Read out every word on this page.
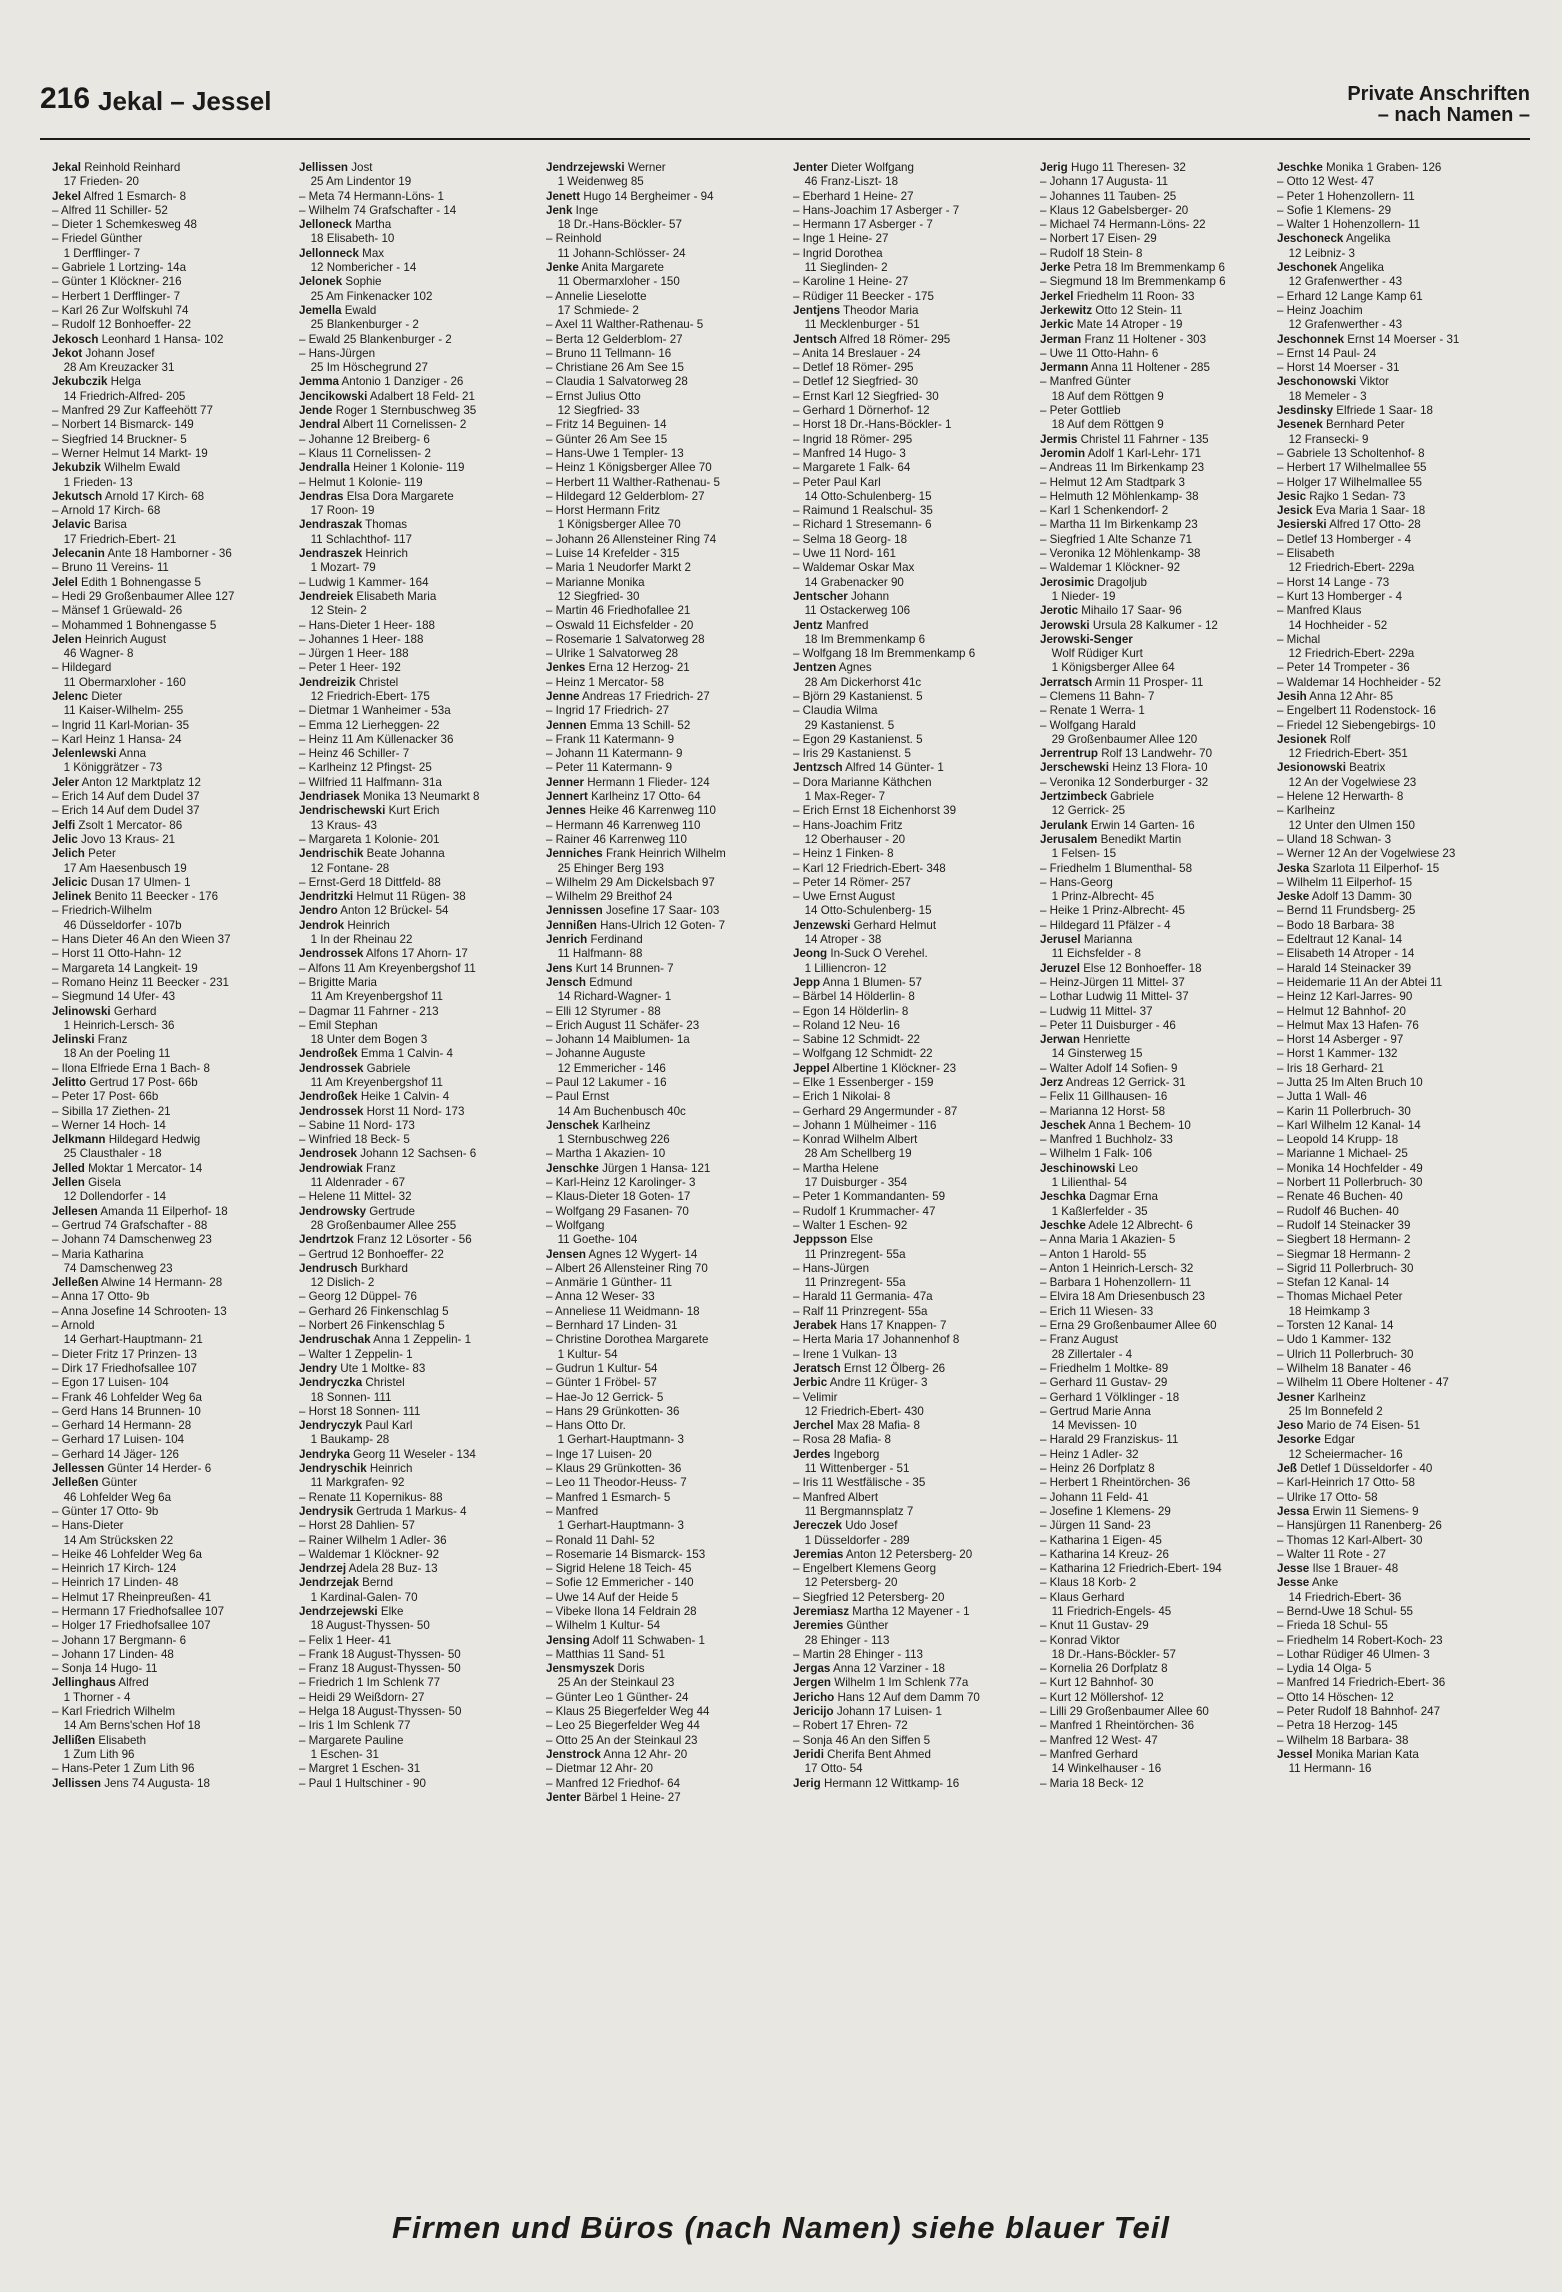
216 Jekal – Jessel	Private Anschriften
– nach Namen –
Jekal Reinhold Reinhard
 17 Frieden- 20
Jekel Alfred 1 Esmarch- 8
– Alfred 11 Schiller- 52
– Dieter 1 Schemkesweg 48
– Friedel Günther
 1 Derfflinger- 7
– Gabriele 1 Lortzing- 14a
– Günter 1 Klöckner- 216
– Herbert 1 Derfflinger- 7
– Karl 26 Zur Wolfskuhl 74
– Rudolf 12 Bonhoeffer- 22
Jekosch Leonhard 1 Hansa- 102
Jekot Johann Josef
 28 Am Kreuzacker 31
Jekubczik Helga
 14 Friedrich-Alfred- 205
– Manfred 29 Zur Kaffeehött 77
– Norbert 14 Bismarck- 149
– Siegfried 14 Bruckner- 5
– Werner Helmut 14 Markt- 19
Jekubzik Wilhelm Ewald
 1 Frieden- 13
Jekutsch Arnold 17 Kirch- 68
– Arnold 17 Kirch- 68
Jelavic Barisa
 17 Friedrich-Ebert- 21
Jelecanin Ante 18 Hamborner - 36
– Bruno 11 Vereins- 11
Jelel Edith 1 Bohnengasse 5
– Hedi 29 Großenbaumer Allee 127
– Mänsef 1 Grüewald- 26
– Mohammed 1 Bohnengasse 5
Jelen Heinrich August
 46 Wagner- 8
– Hildegard
 11 Obermarxloher - 160
Jelenc Dieter
 11 Kaiser-Wilhelm- 255
– Ingrid 11 Karl-Morian- 35
– Karl Heinz 1 Hansa- 24
Jelenlewski Anna
 1 Königgrätzer - 73
Jeler Anton 12 Marktplatz 12
– Erich 14 Auf dem Dudel 37
– Erich 14 Auf dem Dudel 37
Jelfi Zsolt 1 Mercator- 86
Jelic Jovo 13 Kraus- 21
Jelich Peter
 17 Am Haesenbusch 19
Jelicic Dusan 17 Ulmen- 1
Jelinek Benito 11 Beecker - 176
– Friedrich-Wilhelm
 46 Düsseldorfer - 107b
– Hans Dieter 46 An den Wieen 37
– Horst 11 Otto-Hahn- 12
– Margareta 14 Langkeit- 19
– Romano Heinz 11 Beecker - 231
– Siegmund 14 Ufer- 43
Jelinowski Gerhard
 1 Heinrich-Lersch- 36
Jelinski Franz
 18 An der Poeling 11
– Ilona Elfriede Erna 1 Bach- 8
Jelitto Gertrud 17 Post- 66b
– Peter 17 Post- 66b
– Sibilla 17 Ziethen- 21
– Werner 14 Hoch- 14
Jelkmann Hildegard Hedwig
 25 Clausthaler - 18
Jelled Moktar 1 Mercator- 14
Jellen Gisela
 12 Dollendorfer - 14
Jellesen Amanda 11 Eilperhof- 18
– Gertrud 74 Grafschafter - 88
– Johann 74 Damschenweg 23
– Maria Katharina
 74 Damschenweg 23
Jelleßen Alwine 14 Hermann- 28
– Anna 17 Otto- 9b
– Anna Josefine 14 Schrooten- 13
– Arnold
 14 Gerhart-Hauptmann- 21
– Dieter Fritz 17 Prinzen- 13
– Dirk 17 Friedhofsallee 107
– Egon 17 Luisen- 104
– Frank 46 Lohfelder Weg 6a
– Gerd Hans 14 Brunnen- 10
– Gerhard 14 Hermann- 28
– Gerhard 17 Luisen- 104
– Gerhard 14 Jäger- 126
Jellessen Günter 14 Herder- 6
Jelleßen Günter
 46 Lohfelder Weg 6a
– Günter 17 Otto- 9b
– Hans-Dieter
 14 Am Strücksken 22
– Heike 46 Lohfelder Weg 6a
– Heinrich 17 Kirch- 124
– Heinrich 17 Linden- 48
– Helmut 17 Rheinpreußen- 41
– Hermann 17 Friedhofsallee 107
– Holger 17 Friedhofsallee 107
– Johann 17 Bergmann- 6
– Johann 17 Linden- 48
– Sonja 14 Hugo- 11
Jellinghaus Alfred
 1 Thorner - 4
– Karl Friedrich Wilhelm
 14 Am Berns'schen Hof 18
Jellißen Elisabeth
 1 Zum Lith 96
– Hans-Peter 1 Zum Lith 96
Jellissen Jens 74 Augusta- 18
Jellissen Jost
 25 Am Lindentor 19
– Meta 74 Hermann-Löns- 1
– Wilhelm 74 Grafschafter - 14
Jelloneck Martha
 18 Elisabeth- 10
Jellonneck Max
 12 Nombericher - 14
Jelonek Sophie
 25 Am Finkenacker 102
Jemella Ewald
 25 Blankenburger - 2
– Ewald 25 Blankenburger - 2
– Hans-Jürgen
 25 Im Höschegrund 27
Jemma Antonio 1 Danziger - 26
Jencikowski Adalbert 18 Feld- 21
Jende Roger 1 Sternbuschweg 35
Jendral Albert 11 Cornelissen- 2
– Johanne 12 Breiberg- 6
– Klaus 11 Cornelissen- 2
Jendralla Heiner 1 Kolonie- 119
– Helmut 1 Kolonie- 119
Jendras Elsa Dora Margarete
 17 Roon- 19
Jendraszak Thomas
 11 Schlachthof- 117
Jendraszek Heinrich
 1 Mozart- 79
– Ludwig 1 Kammer- 164
Jendreiek Elisabeth Maria
 12 Stein- 2
– Hans-Dieter 1 Heer- 188
– Johannes 1 Heer- 188
– Jürgen 1 Heer- 188
– Peter 1 Heer- 192
Jendreizik Christel
 12 Friedrich-Ebert- 175
– Dietmar 1 Wanheimer - 53a
– Emma 12 Lierheggen- 22
– Heinz 11 Am Küllenacker 36
– Heinz 46 Schiller- 7
– Karlheinz 12 Pfingst- 25
– Wilfried 11 Halfmann- 31a
Jendriasek Monika 13 Neumarkt 8
Jendrischewski Kurt Erich
 13 Kraus- 43
– Margareta 1 Kolonie- 201
Jendrischik Beate Johanna
 12 Fontane- 28
– Ernst-Gerd 18 Dittfeld- 88
Jendritzki Helmut 11 Rügen- 38
Jendro Anton 12 Brückel- 54
Jendrok Heinrich
 1 In der Rheinau 22
Jendrossek Alfons 17 Ahorn- 17
– Alfons 11 Am Kreyenbergshof 11
– Brigitte Maria
 11 Am Kreyenbergshof 11
– Dagmar 11 Fahrner - 213
– Emil Stephan
 18 Unter dem Bogen 3
Jendroßek Emma 1 Calvin- 4
Jendrossek Gabriele
 11 Am Kreyenbergshof 11
Jendroßek Heike 1 Calvin- 4
Jendrossek Horst 11 Nord- 173
– Sabine 11 Nord- 173
– Winfried 18 Beck- 5
Jendrosek Johann 12 Sachsen- 6
Jendrowiak Franz
 11 Aldenrader - 67
– Helene 11 Mittel- 32
Jendrowsky Gertrude
 28 Großenbaumer Allee 255
Jendrtzok Franz 12 Lösorter - 56
– Gertrud 12 Bonhoeffer- 22
Jendrusch Burkhard
 12 Dislich- 2
– Georg 12 Düppel- 76
– Gerhard 26 Finkenschlag 5
– Norbert 26 Finkenschlag 5
Jendruschak Anna 1 Zeppelin- 1
– Walter 1 Zeppelin- 1
Jendry Ute 1 Moltke- 83
Jendryczka Christel
 18 Sonnen- 111
– Horst 18 Sonnen- 111
Jendryczyk Paul Karl
 1 Baukamp- 28
Jendryka Georg 11 Weseler - 134
Jendryschik Heinrich
 11 Markgrafen- 92
– Renate 11 Kopernikus- 88
Jendrysik Gertruda 1 Markus- 4
– Horst 28 Dahlien- 57
– Rainer Wilhelm 1 Adler- 36
– Waldemar 1 Klöckner- 92
Jendrzej Adela 28 Buz- 13
Jendrzejak Bernd
 1 Kardinal-Galen- 70
Jendrzejewski Elke
 18 August-Thyssen- 50
– Felix 1 Heer- 41
– Frank 18 August-Thyssen- 50
– Franz 18 August-Thyssen- 50
– Friedrich 1 Im Schlenk 77
– Heidi 29 Weißdorn- 27
– Helga 18 August-Thyssen- 50
– Iris 1 Im Schlenk 77
– Margarete Pauline
 1 Eschen- 31
– Margret 1 Eschen- 31
– Paul 1 Hultschiner - 90
Jendrzejewski Werner
 1 Weidenweg 85
Jenett Hugo 14 Bergheimer - 94
Jenk Inge
 18 Dr.-Hans-Böckler- 57
– Reinhold
 11 Johann-Schlösser- 24
Jenke Anita Margarete
 11 Obermarxloher - 150
– Annelie Lieselotte
 17 Schmiede- 2
– Axel 11 Walther-Rathenau- 5
– Berta 12 Gelderblom- 27
– Bruno 11 Tellmann- 16
– Christiane 26 Am See 15
– Claudia 1 Salvatorweg 28
– Ernst Julius Otto
 12 Siegfried- 33
– Fritz 14 Beguinen- 14
– Günter 26 Am See 15
– Hans-Uwe 1 Templer- 13
– Heinz 1 Königsberger Allee 70
– Herbert 11 Walther-Rathenau- 5
– Hildegard 12 Gelderblom- 27
– Horst Hermann Fritz
 1 Königsberger Allee 70
– Johann 26 Allensteiner Ring 74
– Luise 14 Krefelder - 315
– Maria 1 Neudorfer Markt 2
– Marianne Monika
 12 Siegfried- 30
– Martin 46 Friedhofallee 21
– Oswald 11 Eichsfelder - 20
– Rosemarie 1 Salvatorweg 28
– Ulrike 1 Salvatorweg 28
Jenkes Erna 12 Herzog- 21
– Heinz 1 Mercator- 58
Jenne Andreas 17 Friedrich- 27
– Ingrid 17 Friedrich- 27
Jennen Emma 13 Schill- 52
– Frank 11 Katermann- 9
– Johann 11 Katermann- 9
– Peter 11 Katermann- 9
Jenner Hermann 1 Flieder- 124
Jennert Karlheinz 17 Otto- 64
Jennes Heike 46 Karrenweg 110
– Hermann 46 Karrenweg 110
– Rainer 46 Karrenweg 110
Jenniches Frank Heinrich Wilhelm
 25 Ehinger Berg 193
– Wilhelm 29 Am Dickelsbach 97
– Wilhelm 29 Breithof 24
Jennissen Josefine 17 Saar- 103
Jennißen Hans-Ulrich 12 Goten- 7
Jenrich Ferdinand
 11 Halfmann- 88
Jens Kurt 14 Brunnen- 7
Jensch Edmund
 14 Richard-Wagner- 1
– Elli 12 Styrumer - 88
– Erich August 11 Schäfer- 23
– Johann 14 Maiblumen- 1a
– Johanne Auguste
 12 Emmericher - 146
– Paul 12 Lakumer - 16
– Paul Ernst
 14 Am Buchenbusch 40c
Jenschek Karlheinz
 1 Sternbuschweg 226
– Martha 1 Akazien- 10
Jenschke Jürgen 1 Hansa- 121
– Karl-Heinz 12 Karolinger- 3
– Klaus-Dieter 18 Goten- 17
– Wolfgang 29 Fasanen- 70
– Wolfgang
 11 Goethe- 104
Jensen Agnes 12 Wygert- 14
– Albert 26 Allensteiner Ring 70
– Anmärie 1 Günther- 11
– Anna 12 Weser- 33
– Anneliese 11 Weidmann- 18
– Bernhard 17 Linden- 31
– Christine Dorothea Margarete
 1 Kultur- 54
– Gudrun 1 Kultur- 54
– Günter 1 Fröbel- 57
– Hae-Jo 12 Gerrick- 5
– Hans 29 Grünkotten- 36
– Hans Otto Dr.
 1 Gerhart-Hauptmann- 3
– Inge 17 Luisen- 20
– Klaus 29 Grünkotten- 36
– Leo 11 Theodor-Heuss- 7
– Manfred 1 Esmarch- 5
– Manfred
 1 Gerhart-Hauptmann- 3
– Ronald 11 Dahl- 52
– Rosemarie 14 Bismarck- 153
– Sigrid Helene 18 Teich- 45
– Sofie 12 Emmericher - 140
– Uwe 14 Auf der Heide 5
– Vibeke Ilona 14 Feldrain 28
– Wilhelm 1 Kultur- 54
Jensing Adolf 11 Schwaben- 1
– Matthias 11 Sand- 51
Jensmyszek Doris
 25 An der Steinkaul 23
– Günter Leo 1 Günther- 24
– Klaus 25 Biegerfelder Weg 44
– Leo 25 Biegerfelder Weg 44
– Otto 25 An der Steinkaul 23
Jenstrock Anna 12 Ahr- 20
– Dietmar 12 Ahr- 20
– Manfred 12 Friedhof- 64
Jenter Bärbel 1 Heine- 27
Jenter Dieter Wolfgang
 46 Franz-Liszt- 18
– Eberhard 1 Heine- 27
– Hans-Joachim 17 Asberger - 7
– Hermann 17 Asberger - 7
– Inge 1 Heine- 27
– Ingrid Dorothea
 11 Sieglinden- 2
– Karoline 1 Heine- 27
– Rüdiger 11 Beecker - 175
Jentjens Theodor Maria
 11 Mecklenburger - 51
Jentsch Alfred 18 Römer- 295
– Anita 14 Breslauer - 24
– Detlef 18 Römer- 295
– Detlef 12 Siegfried- 30
– Ernst Karl 12 Siegfried- 30
– Gerhard 1 Dörnerhof- 12
– Horst 18 Dr.-Hans-Böckler- 1
– Ingrid 18 Römer- 295
– Manfred 14 Hugo- 3
– Margarete 1 Falk- 64
– Peter Paul Karl
 14 Otto-Schulenberg- 15
– Raimund 1 Realschul- 35
– Richard 1 Stresemann- 6
– Selma 18 Georg- 18
– Uwe 11 Nord- 161
– Waldemar Oskar Max
 14 Grabenacker 90
Jentscher Johann
 11 Ostackerweg 106
Jentz Manfred
 18 Im Bremmenkamp 6
– Wolfgang 18 Im Bremmenkamp 6
Jentzen Agnes
 28 Am Dickerhorst 41c
– Björn 29 Kastanienst. 5
– Claudia Wilma
 29 Kastanienst. 5
– Egon 29 Kastanienst. 5
– Iris 29 Kastanienst. 5
Jentzsch Alfred 14 Günter- 1
– Dora Marianne Käthchen
 1 Max-Reger- 7
– Erich Ernst 18 Eichenhorst 39
– Hans-Joachim Fritz
 12 Oberhauser - 20
– Heinz 1 Finken- 8
– Karl 12 Friedrich-Ebert- 348
– Peter 14 Römer- 257
– Uwe Ernst August
 14 Otto-Schulenberg- 15
Jenzewski Gerhard Helmut
 14 Atroper - 38
Jeong In-Suck O Verehel.
 1 Lilliencron- 12
Jepp Anna 1 Blumen- 57
– Bärbel 14 Hölderlin- 8
– Egon 14 Hölderlin- 8
– Roland 12 Neu- 16
– Sabine 12 Schmidt- 22
– Wolfgang 12 Schmidt- 22
Jeppel Albertine 1 Klöckner- 23
– Elke 1 Essenberger - 159
– Erich 1 Nikolai- 8
– Gerhard 29 Angermunder - 87
– Johann 1 Mülheimer - 116
– Konrad Wilhelm Albert
 28 Am Schellberg 19
– Martha Helene
 17 Duisburger - 354
– Peter 1 Kommandanten- 59
– Rudolf 1 Krummacher- 47
– Walter 1 Eschen- 92
Jeppsson Else
 11 Prinzregent- 55a
– Hans-Jürgen
 11 Prinzregent- 55a
– Harald 11 Germania- 47a
– Ralf 11 Prinzregent- 55a
Jerabek Hans 17 Knappen- 7
– Herta Maria 17 Johannenhof 8
– Irene 1 Vulkan- 13
Jeratsch Ernst 12 Ölberg- 26
Jerbic Andre 11 Krüger- 3
– Velimir
 12 Friedrich-Ebert- 430
Jerchel Max 28 Mafia- 8
– Rosa 28 Mafia- 8
Jerdes Ingeborg
 11 Wittenberger - 51
– Iris 11 Westfälische - 35
– Manfred Albert
 11 Bergmannsplatz 7
Jereczek Udo Josef
 1 Düsseldorfer - 289
Jeremias Anton 12 Petersberg- 20
– Engelbert Klemens Georg
 12 Petersberg- 20
– Siegfried 12 Petersberg- 20
Jeremiasz Martha 12 Mayener - 1
Jeremies Günther
 28 Ehinger - 113
– Martin 28 Ehinger - 113
Jergas Anna 12 Varziner - 18
Jergen Wilhelm 1 Im Schlenk 77a
Jericho Hans 12 Auf dem Damm 70
Jericijo Johann 17 Luisen- 1
– Robert 17 Ehren- 72
– Sonja 46 An den Siffen 5
Jeridi Cherifa Bent Ahmed
 17 Otto- 54
Jerig Hermann 12 Wittkamp- 16
Jerig Hugo 11 Theresen- 32
– Johann 17 Augusta- 11
– Johannes 11 Tauben- 25
– Klaus 12 Gabelsberger- 20
– Michael 74 Hermann-Löns- 22
– Norbert 17 Eisen- 29
– Rudolf 18 Stein- 8
Jerke Petra 18 Im Bremmenkamp 6
– Siegmund 18 Im Bremmenkamp 6
Jerkel Friedhelm 11 Roon- 33
Jerkewitz Otto 12 Stein- 11
Jerkic Mate 14 Atroper - 19
Jerman Franz 11 Holtener - 303
– Uwe 11 Otto-Hahn- 6
Jermann Anna 11 Holtener - 285
– Manfred Günter
 18 Auf dem Röttgen 9
– Peter Gottlieb
 18 Auf dem Röttgen 9
Jermis Christel 11 Fahrner - 135
Jeromin Adolf 1 Karl-Lehr- 171
– Andreas 11 Im Birkenkamp 23
– Helmut 12 Am Stadtpark 3
– Helmuth 12 Möhlenkamp- 38
– Karl 1 Schenkendorf- 2
– Martha 11 Im Birkenkamp 23
– Siegfried 1 Alte Schanze 71
– Veronika 12 Möhlenkamp- 38
– Waldemar 1 Klöckner- 92
Jerosimic Dragoljub
 1 Nieder- 19
Jerotic Mihailo 17 Saar- 96
Jerowski Ursula 28 Kalkumer - 12
Jerowski-Senger
 Wolf Rüdiger Kurt
 1 Königsberger Allee 64
Jerratsch Armin 11 Prosper- 11
– Clemens 11 Bahn- 7
– Renate 1 Werra- 1
– Wolfgang Harald
 29 Großenbaumer Allee 120
Jerrentrup Rolf 13 Landwehr- 70
Jerschewski Heinz 13 Flora- 10
– Veronika 12 Sonderburger - 32
Jertzimbeck Gabriele
 12 Gerrick- 25
Jerulank Erwin 14 Garten- 16
Jerusalem Benedikt Martin
 1 Felsen- 15
– Friedhelm 1 Blumenthal- 58
– Hans-Georg
 1 Prinz-Albrecht- 45
– Heike 1 Prinz-Albrecht- 45
– Hildegard 11 Pfälzer - 4
Jerusel Marianna
 11 Eichsfelder - 8
Jeruzel Else 12 Bonhoeffer- 18
– Heinz-Jürgen 11 Mittel- 37
– Lothar Ludwig 11 Mittel- 37
– Ludwig 11 Mittel- 37
– Peter 11 Duisburger - 46
Jerwan Henriette
 14 Ginsterweg 15
– Walter Adolf 14 Sofien- 9
Jerz Andreas 12 Gerrick- 31
– Felix 11 Gillhausen- 16
– Marianna 12 Horst- 58
Jeschek Anna 1 Bechem- 10
– Manfred 1 Buchholz- 33
– Wilhelm 1 Falk- 106
Jeschinowski Leo
 1 Lilienthal- 54
Jeschka Dagmar Erna
 1 Kaßlerfelder - 35
Jeschke Adele 12 Albrecht- 6
– Anna Maria 1 Akazien- 5
– Anton 1 Harold- 55
– Anton 1 Heinrich-Lersch- 32
– Barbara 1 Hohenzollern- 11
– Elvira 18 Am Driesenbusch 23
– Erich 11 Wiesen- 33
– Erna 29 Großenbaumer Allee 60
– Franz August
 28 Zillertaler - 4
– Friedhelm 1 Moltke- 89
– Gerhard 11 Gustav- 29
– Gerhard 1 Völklinger - 18
– Gertrud Marie Anna
 14 Mevissen- 10
– Harald 29 Franziskus- 11
– Heinz 1 Adler- 32
– Heinz 26 Dorfplatz 8
– Herbert 1 Rheintörchen- 36
– Johann 11 Feld- 41
– Josefine 1 Klemens- 29
– Jürgen 11 Sand- 23
– Katharina 1 Eigen- 45
– Katharina 14 Kreuz- 26
– Katharina 12 Friedrich-Ebert- 194
– Klaus 18 Korb- 2
– Klaus Gerhard
 11 Friedrich-Engels- 45
– Knut 11 Gustav- 29
– Konrad Viktor
 18 Dr.-Hans-Böckler- 57
– Kornelia 26 Dorfplatz 8
– Kurt 12 Bahnhof- 30
– Kurt 12 Möllershof- 12
– Lilli 29 Großenbaumer Allee 60
– Manfred 1 Rheintörchen- 36
– Manfred 12 West- 47
– Manfred Gerhard
 14 Winkelhauser - 16
– Maria 18 Beck- 12
Jeschke Monika 1 Graben- 126
– Otto 12 West- 47
– Peter 1 Hohenzollern- 11
– Sofie 1 Klemens- 29
– Walter 1 Hohenzollern- 11
Jeschoneck Angelika
 12 Leibniz- 3
Jeschonek Angelika
 12 Grafenwerther - 43
– Erhard 12 Lange Kamp 61
– Heinz Joachim
 12 Grafenwerther - 43
Jeschonnek Ernst 14 Moerser - 31
– Ernst 14 Paul- 24
– Horst 14 Moerser - 31
Jeschonowski Viktor
 18 Memeler - 3
Jesdinsky Elfriede 1 Saar- 18
Jesenek Bernhard Peter
 12 Fransecki- 9
– Gabriele 13 Scholtenhof- 8
– Herbert 17 Wilhelmallee 55
– Holger 17 Wilhelmallee 55
Jesic Rajko 1 Sedan- 73
Jesick Eva Maria 1 Saar- 18
Jesierski Alfred 17 Otto- 28
– Detlef 13 Homberger - 4
– Elisabeth
 12 Friedrich-Ebert- 229a
– Horst 14 Lange - 73
– Kurt 13 Homberger - 4
– Manfred Klaus
 14 Hochheider - 52
– Michal
 12 Friedrich-Ebert- 229a
– Peter 14 Trompeter - 36
– Waldemar 14 Hochheider - 52
Jesih Anna 12 Ahr- 85
– Engelbert 11 Rodenstock- 16
– Friedel 12 Siebengebirgs- 10
Jesionek Rolf
 12 Friedrich-Ebert- 351
Jesionowski Beatrix
 12 An der Vogelwiese 23
– Helene 12 Herwarth- 8
– Karlheinz
 12 Unter den Ulmen 150
– Uland 18 Schwan- 3
– Werner 12 An der Vogelwiese 23
Jeska Szarlota 11 Eilperhof- 15
– Wilhelm 11 Eilperhof- 15
Jeske Adolf 13 Damm- 30
– Bernd 11 Frundsberg- 25
– Bodo 18 Barbara- 38
– Edeltraut 12 Kanal- 14
– Elisabeth 14 Atroper - 14
– Harald 14 Steinacker 39
– Heidemarie 11 An der Abtei 11
– Heinz 12 Karl-Jarres- 90
– Helmut 12 Bahnhof- 20
– Helmut Max 13 Hafen- 76
– Horst 14 Asberger - 97
– Horst 1 Kammer- 132
– Iris 18 Gerhard- 21
– Jutta 25 Im Alten Bruch 10
– Jutta 1 Wall- 46
– Karin 11 Pollerbruch- 30
– Karl Wilhelm 12 Kanal- 14
– Leopold 14 Krupp- 18
– Marianne 1 Michael- 25
– Monika 14 Hochfelder - 49
– Norbert 11 Pollerbruch- 30
– Renate 46 Buchen- 40
– Rudolf 46 Buchen- 40
– Rudolf 14 Steinacker 39
– Siegbert 18 Hermann- 2
– Siegmar 18 Hermann- 2
– Sigrid 11 Pollerbruch- 30
– Stefan 12 Kanal- 14
– Thomas Michael Peter
 18 Heimkamp 3
– Torsten 12 Kanal- 14
– Udo 1 Kammer- 132
– Ulrich 11 Pollerbruch- 30
– Wilhelm 18 Banater - 46
– Wilhelm 11 Obere Holtener - 47
Jesner Karlheinz
 25 Im Bonnefeld 2
Jeso Mario de 74 Eisen- 51
Jesorke Edgar
 12 Scheiermacher- 16
Jeß Detlef 1 Düsseldorfer - 40
– Karl-Heinrich 17 Otto- 58
– Ulrike 17 Otto- 58
Jessa Erwin 11 Siemens- 9
– Hansjürgen 11 Ranenberg- 26
– Thomas 12 Karl-Albert- 30
– Walter 11 Rote - 27
Jesse Ilse 1 Brauer- 48
Jesse Anke
 14 Friedrich-Ebert- 36
– Bernd-Uwe 18 Schul- 55
– Frieda 18 Schul- 55
– Friedhelm 14 Robert-Koch- 23
– Lothar Rüdiger 46 Ulmen- 3
– Lydia 14 Olga- 5
– Manfred 14 Friedrich-Ebert- 36
– Otto 14 Höschen- 12
– Peter Rudolf 18 Bahnhof- 247
– Petra 18 Herzog- 145
– Wilhelm 18 Barbara- 38
Jessel Monika Marian Kata
 11 Hermann- 16
Firmen und Büros (nach Namen) siehe blauer Teil
